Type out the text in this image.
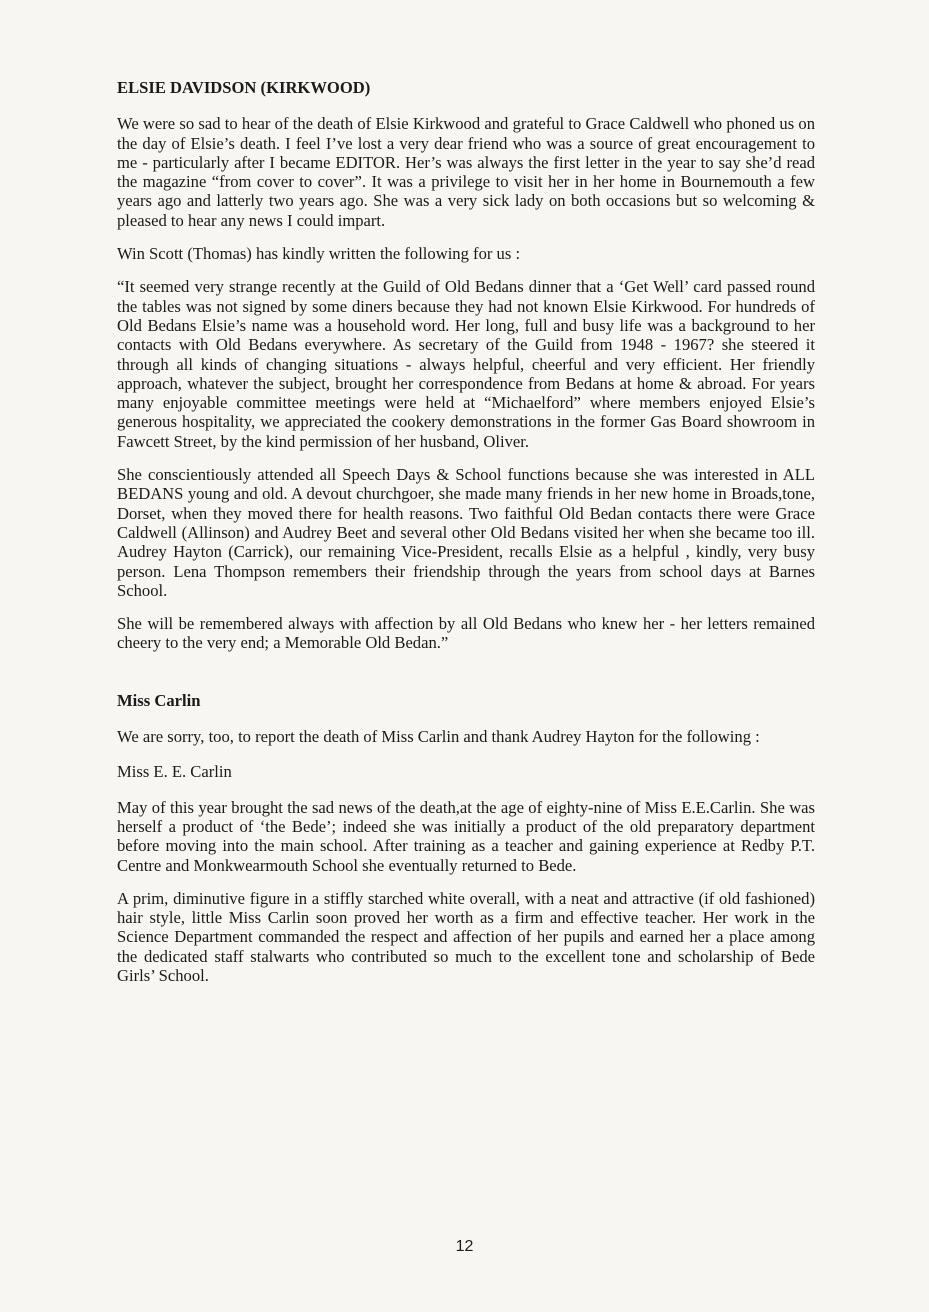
ELSIE DAVIDSON (KIRKWOOD)

We were so sad to hear of the death of Elsie Kirkwood and grateful to Grace Caldwell who phoned us on the day of Elsie’s death. I feel I’ve lost a very dear friend who was a source of great encouragement to me - particularly after I became EDITOR. Her’s was always the first letter in the year to say she’d read the magazine “from cover to cover”. It was a privilege to visit her in her home in Bournemouth a few years ago and latterly two years ago. She was a very sick lady on both occasions but so welcoming & pleased to hear any news I could impart.

Win Scott (Thomas) has kindly written the following for us :

“It seemed very strange recently at the Guild of Old Bedans dinner that a ‘Get Well’ card passed round the tables was not signed by some diners because they had not known Elsie Kirkwood. For hundreds of Old Bedans Elsie’s name was a household word. Her long, full and busy life was a background to her contacts with Old Bedans everywhere. As secretary of the Guild from 1948 - 1967? she steered it through all kinds of changing situations - always helpful, cheerful and very efficient. Her friendly approach, whatever the subject, brought her correspondence from Bedans at home & abroad. For years many enjoyable committee meetings were held at “Michaelford” where members enjoyed Elsie’s generous hospitality, we appreciated the cookery demonstrations in the former Gas Board showroom in Fawcett Street, by the kind permission of her husband, Oliver.

She conscientiously attended all Speech Days & School functions because she was interested in ALL BEDANS young and old. A devout churchgoer, she made many friends in her new home in Broads,tone, Dorset, when they moved there for health reasons. Two faithful Old Bedan contacts there were Grace Caldwell (Allinson) and Audrey Beet and several other Old Bedans visited her when she became too ill. Audrey Hayton (Carrick), our remaining Vice-President, recalls Elsie as a helpful , kindly, very busy person. Lena Thompson remembers their friendship through the years from school days at Barnes School.

She will be remembered always with affection by all Old Bedans who knew her - her letters remained cheery to the very end; a Memorable Old Bedan.”

Miss Carlin

We are sorry, too, to report the death of Miss Carlin and thank Audrey Hayton for the following :

Miss E. E. Carlin

May of this year brought the sad news of the death,at the age of eighty-nine of Miss E.E.Carlin. She was herself a product of ‘the Bede’; indeed she was initially a product of the old preparatory department before moving into the main school. After training as a teacher and gaining experience at Redby P.T. Centre and Monkwearmouth School she eventually returned to Bede.

A prim, diminutive figure in a stiffly starched white overall, with a neat and attractive (if old fashioned) hair style, little Miss Carlin soon proved her worth as a firm and effective teacher. Her work in the Science Department commanded the respect and affection of her pupils and earned her a place among the dedicated staff stalwarts who contributed so much to the excellent tone and scholarship of Bede Girls’ School.

12
